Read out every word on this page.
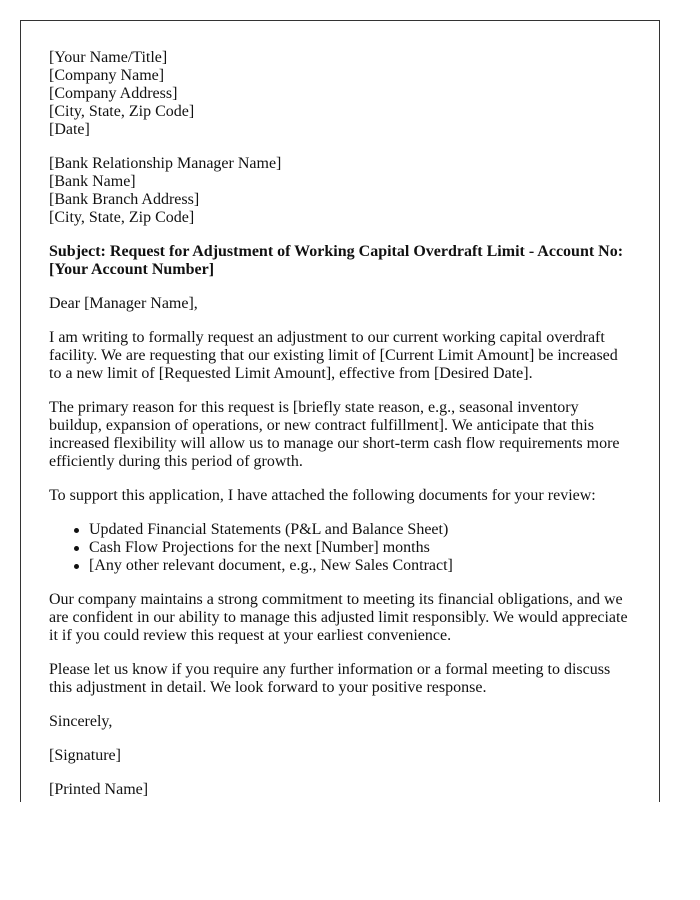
[Your Name/Title]
[Company Name]
[Company Address]
[City, State, Zip Code]
[Date]
[Bank Relationship Manager Name]
[Bank Name]
[Bank Branch Address]
[City, State, Zip Code]
Subject: Request for Adjustment of Working Capital Overdraft Limit - Account No:
[Your Account Number]

Dear [Manager Name],

I am writing to formally request an adjustment to our current working capital overdraft
facility. We are requesting that our existing limit of [Current Limit Amount] be increased
to a new limit of [Requested Limit Amount], effective from [Desired Date].
The primary reason for this request is [briefly state reason, e.g., seasonal inventory
buildup, expansion of operations, or new contract fulfillment]. We anticipate that this
increased flexibility will allow us to manage our short-term cash flow requirements more
efficiently during this period of growth.

To support this application, I have attached the following documents for your review:

Updated Financial Statements (P&L and Balance Sheet)
Cash Flow Projections for the next [Number] months
[Any other relevant document, e.g., New Sales Contract]
Our company maintains a strong commitment to meeting its financial obligations, and we
are confident in our ability to manage this adjusted limit responsibly. We would appreciate
it if you could review this request at your earliest convenience.
Please let us know if you require any further information or a formal meeting to discuss
this adjustment in detail. We look forward to your positive response.

Sincerely,

[Signature]

[Printed Name]
